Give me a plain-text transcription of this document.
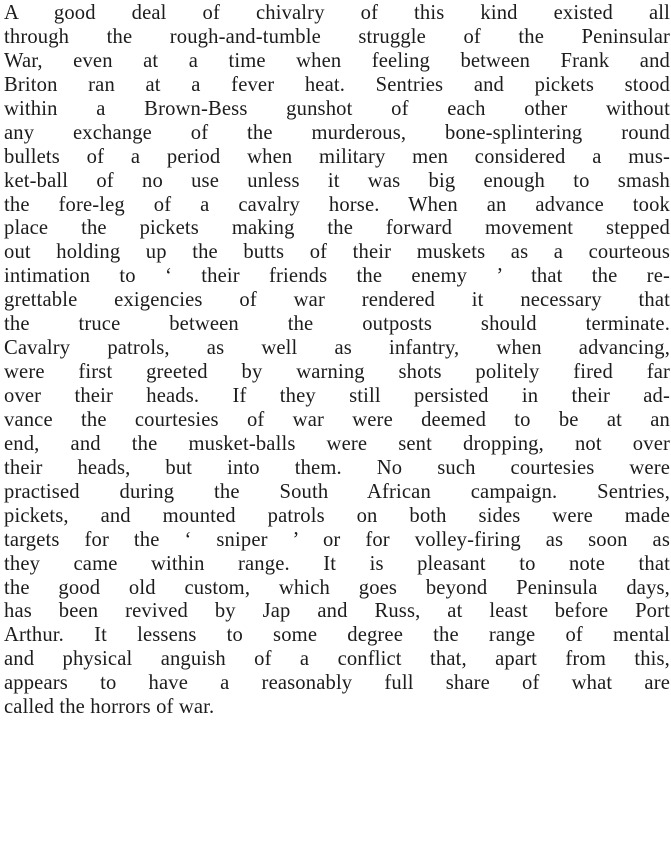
A good deal of chivalry of this kind existed all
through the rough-and-tumble struggle of the Peninsular
War, even at a time when feeling between Frank and
Briton ran at a fever heat. Sentries and pickets stood
within a Brown-Bess gunshot of each other without
any exchange of the murderous, bone-splintering round
bullets of a period when military men considered a mus-
ket-ball of no use unless it was big enough to smash
the fore-leg of a cavalry horse. When an advance took
place the pickets making the forward movement stepped
out holding up the butts of their muskets as a courteous
intimation to ‘ their friends the enemy ’ that the re-
grettable exigencies of war rendered it necessary that
the truce between the outposts should terminate.
Cavalry patrols, as well as infantry, when advancing,
were first greeted by warning shots politely fired far
over their heads. If they still persisted in their ad-
vance the courtesies of war were deemed to be at an
end, and the musket-balls were sent dropping, not over
their heads, but into them. No such courtesies were
practised during the South African campaign. Sentries,
pickets, and mounted patrols on both sides were made
targets for the ‘ sniper ’ or for volley-firing as soon as
they came within range. It is pleasant to note that
the good old custom, which goes beyond Peninsula days,
has been revived by Jap and Russ, at least before Port
Arthur. It lessens to some degree the range of mental
and physical anguish of a conflict that, apart from this,
appears to have a reasonably full share of what are
called the horrors of war.
